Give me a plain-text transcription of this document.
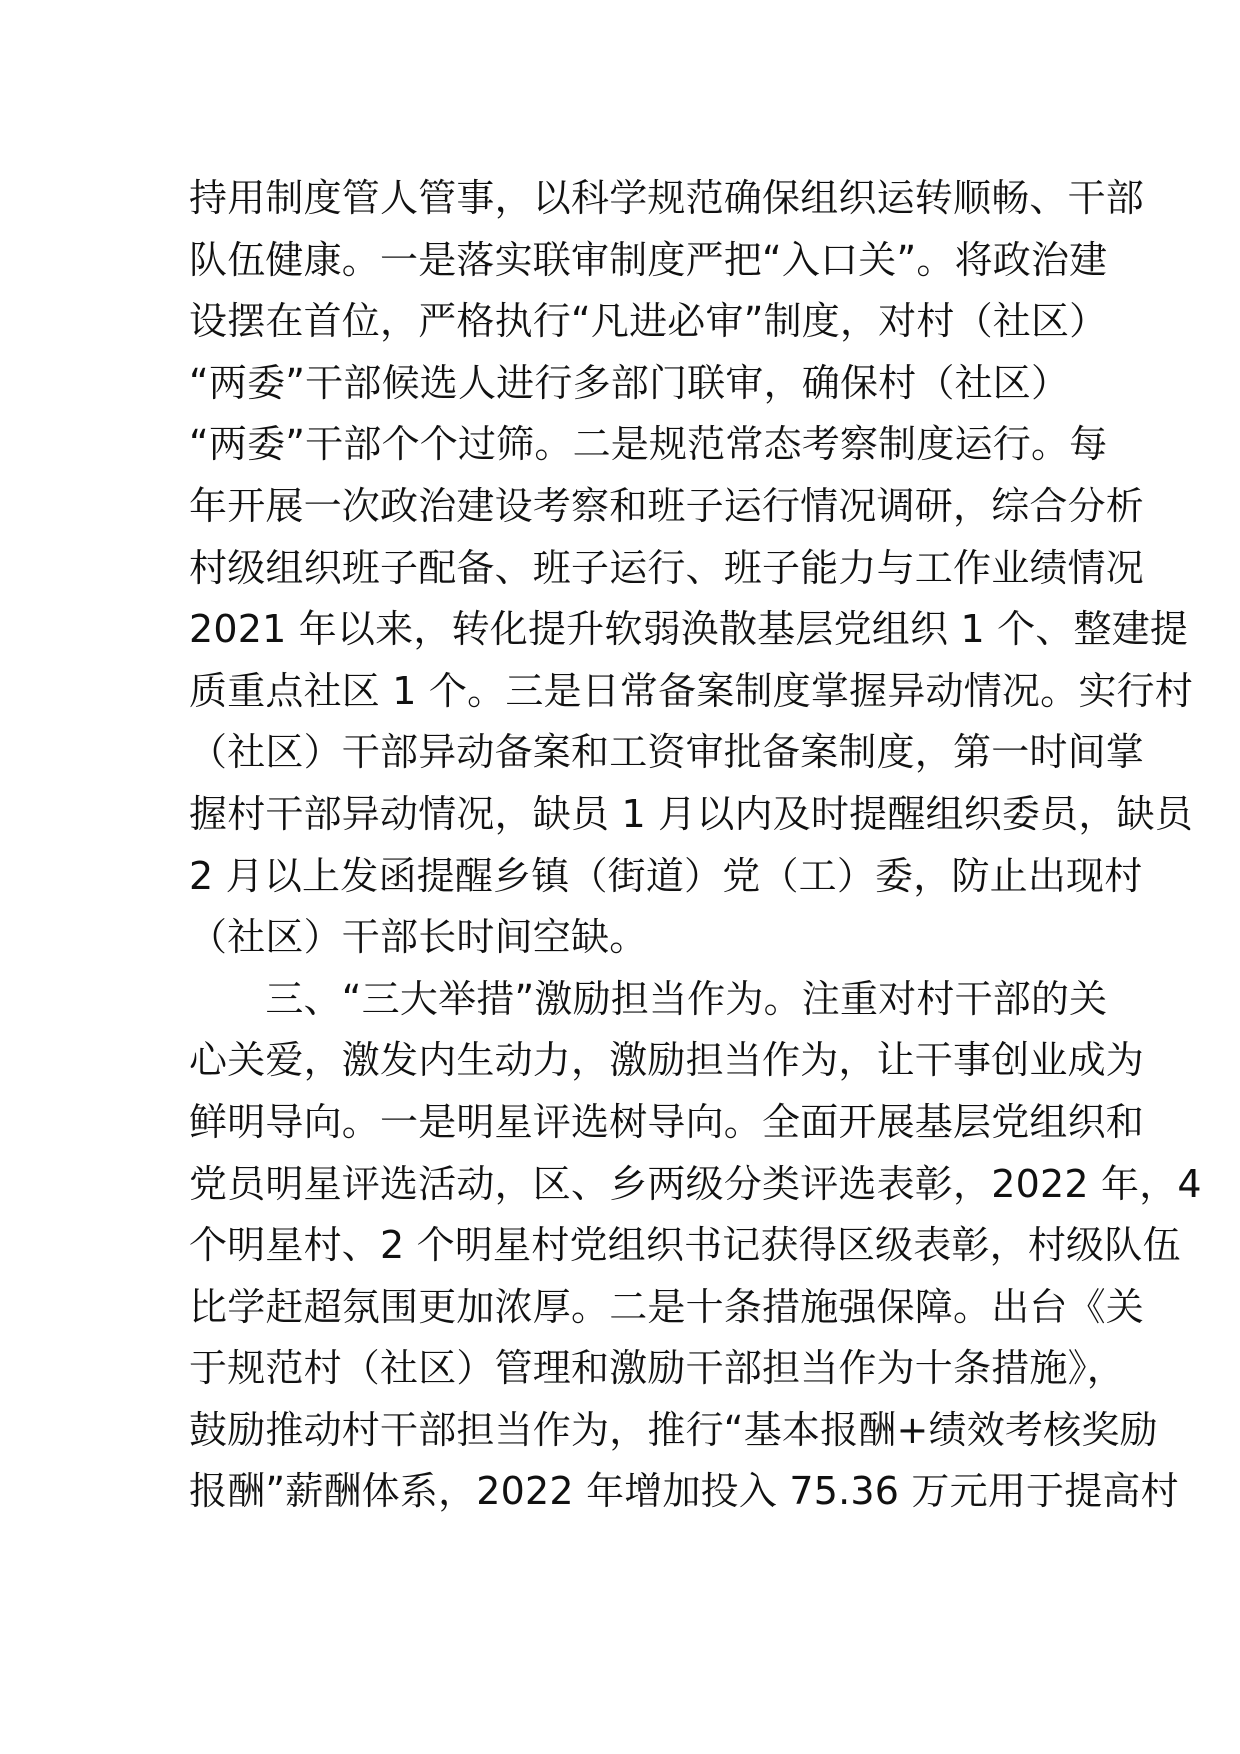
持用制度管人管事，以科学规范确保组织运转顺畅、干部
队伍健康。一是落实联审制度严把“入口关”。将政治建
设摆在首位，严格执行“凡进必审”制度，对村（社区）
“两委”干部候选人进行多部门联审，确保村（社区）
“两委”干部个个过筛。二是规范常态考察制度运行。每
年开展一次政治建设考察和班子运行情况调研，综合分析
村级组织班子配备、班子运行、班子能力与工作业绩情况
2021 年以来，转化提升软弱涣散基层党组织 1 个、整建提
质重点社区 1 个。三是日常备案制度掌握异动情况。实行村
（社区）干部异动备案和工资审批备案制度，第一时间掌
握村干部异动情况，缺员 1 月以内及时提醒组织委员，缺员
2 月以上发函提醒乡镇（街道）党（工）委，防止出现村
（社区）干部长时间空缺。
　　三、“三大举措”激励担当作为。注重对村干部的关
心关爱，激发内生动力，激励担当作为，让干事创业成为
鲜明导向。一是明星评选树导向。全面开展基层党组织和
党员明星评选活动，区、乡两级分类评选表彰，2022 年，4
个明星村、2 个明星村党组织书记获得区级表彰，村级队伍
比学赶超氛围更加浓厚。二是十条措施强保障。出台《关
于规范村（社区）管理和激励干部担当作为十条措施》，
鼓励推动村干部担当作为，推行“基本报酬+绩效考核奖励
报酬”薪酬体系，2022 年增加投入 75.36 万元用于提高村
